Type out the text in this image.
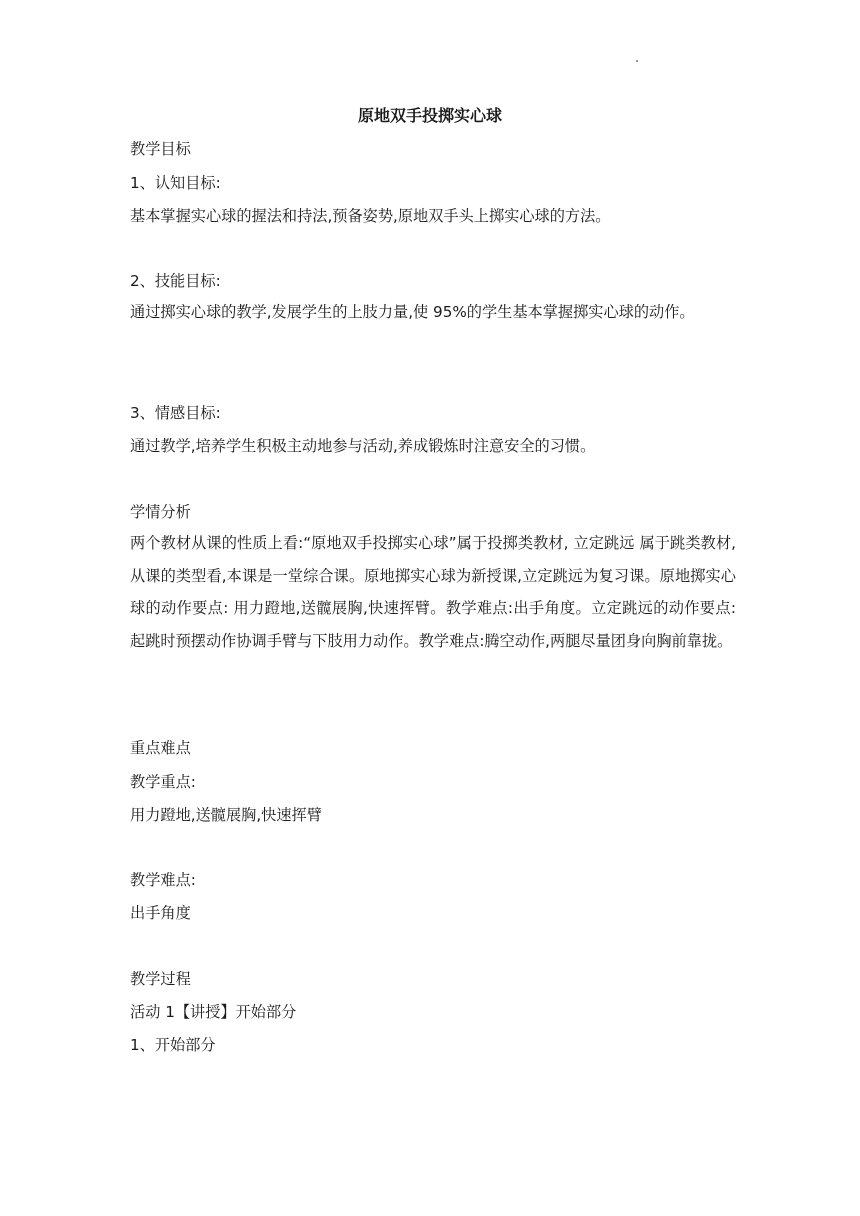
原地双手投掷实心球
教学目标
1、认知目标:
基本掌握实心球的握法和持法,预备姿势,原地双手头上掷实心球的方法。
2、技能目标:
通过掷实心球的教学,发展学生的上肢力量,使 95%的学生基本掌握掷实心球的动作。
3、情感目标:
通过教学,培养学生积极主动地参与活动,养成锻炼时注意安全的习惯。
学情分析
两个教材从课的性质上看:“原地双手投掷实心球”属于投掷类教材, 立定跳远 属于跳类教材,从课的类型看,本课是一堂综合课。原地掷实心球为新授课,立定跳远为复习课。原地掷实心球的动作要点: 用力蹬地,送髋展胸,快速挥臂。教学难点:出手角度。立定跳远的动作要点:起跳时预摆动作协调手臂与下肢用力动作。教学难点:腾空动作,两腿尽量团身向胸前靠拢。
重点难点
教学重点:
用力蹬地,送髋展胸,快速挥臂
教学难点:
出手角度
教学过程
活动 1【讲授】开始部分
1、开始部分
